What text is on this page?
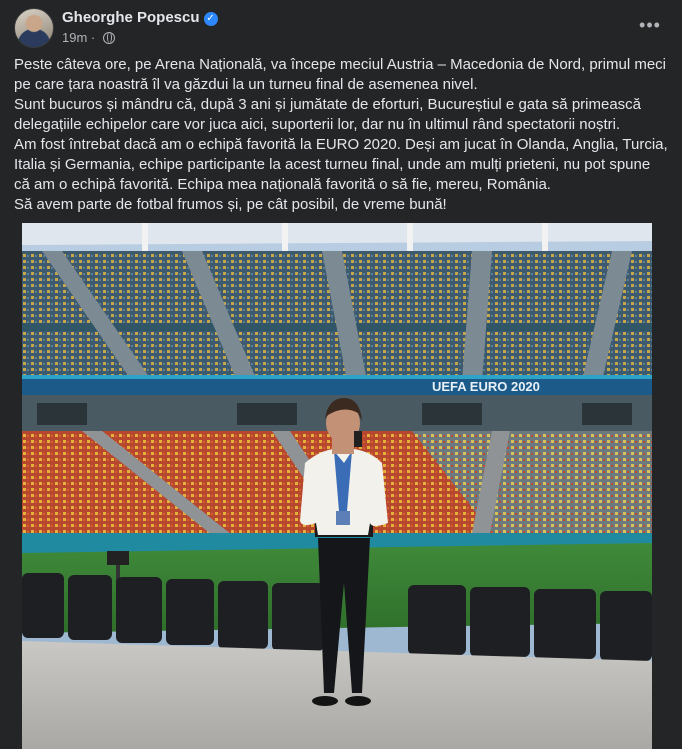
Gheorghe Popescu ✓
19m ·
•••

Peste câteva ore, pe Arena Națională, va începe meciul Austria – Macedonia de Nord, primul meci

pe care țara noastră îl va găzdui la un turneu final de asemenea nivel.

Sunt bucuros și mândru că, după 3 ani și jumătate de eforturi, Bucureștiul e gata să primească

delegațiile echipelor care vor juca aici, suporterii lor, dar nu în ultimul rând spectatorii noștri.

Am fost întrebat dacă am o echipă favorită la EURO 2020. Deși am jucat în Olanda, Anglia, Turcia,

Italia și Germania, echipe participante la acest turneu final, unde am mulți prieteni, nu pot spune

că am o echipă favorită. Echipa mea națională favorită o să fie, mereu, România.

Să avem parte de fotbal frumos și, pe cât posibil, de vreme bună!

UEFA EURO 2020
